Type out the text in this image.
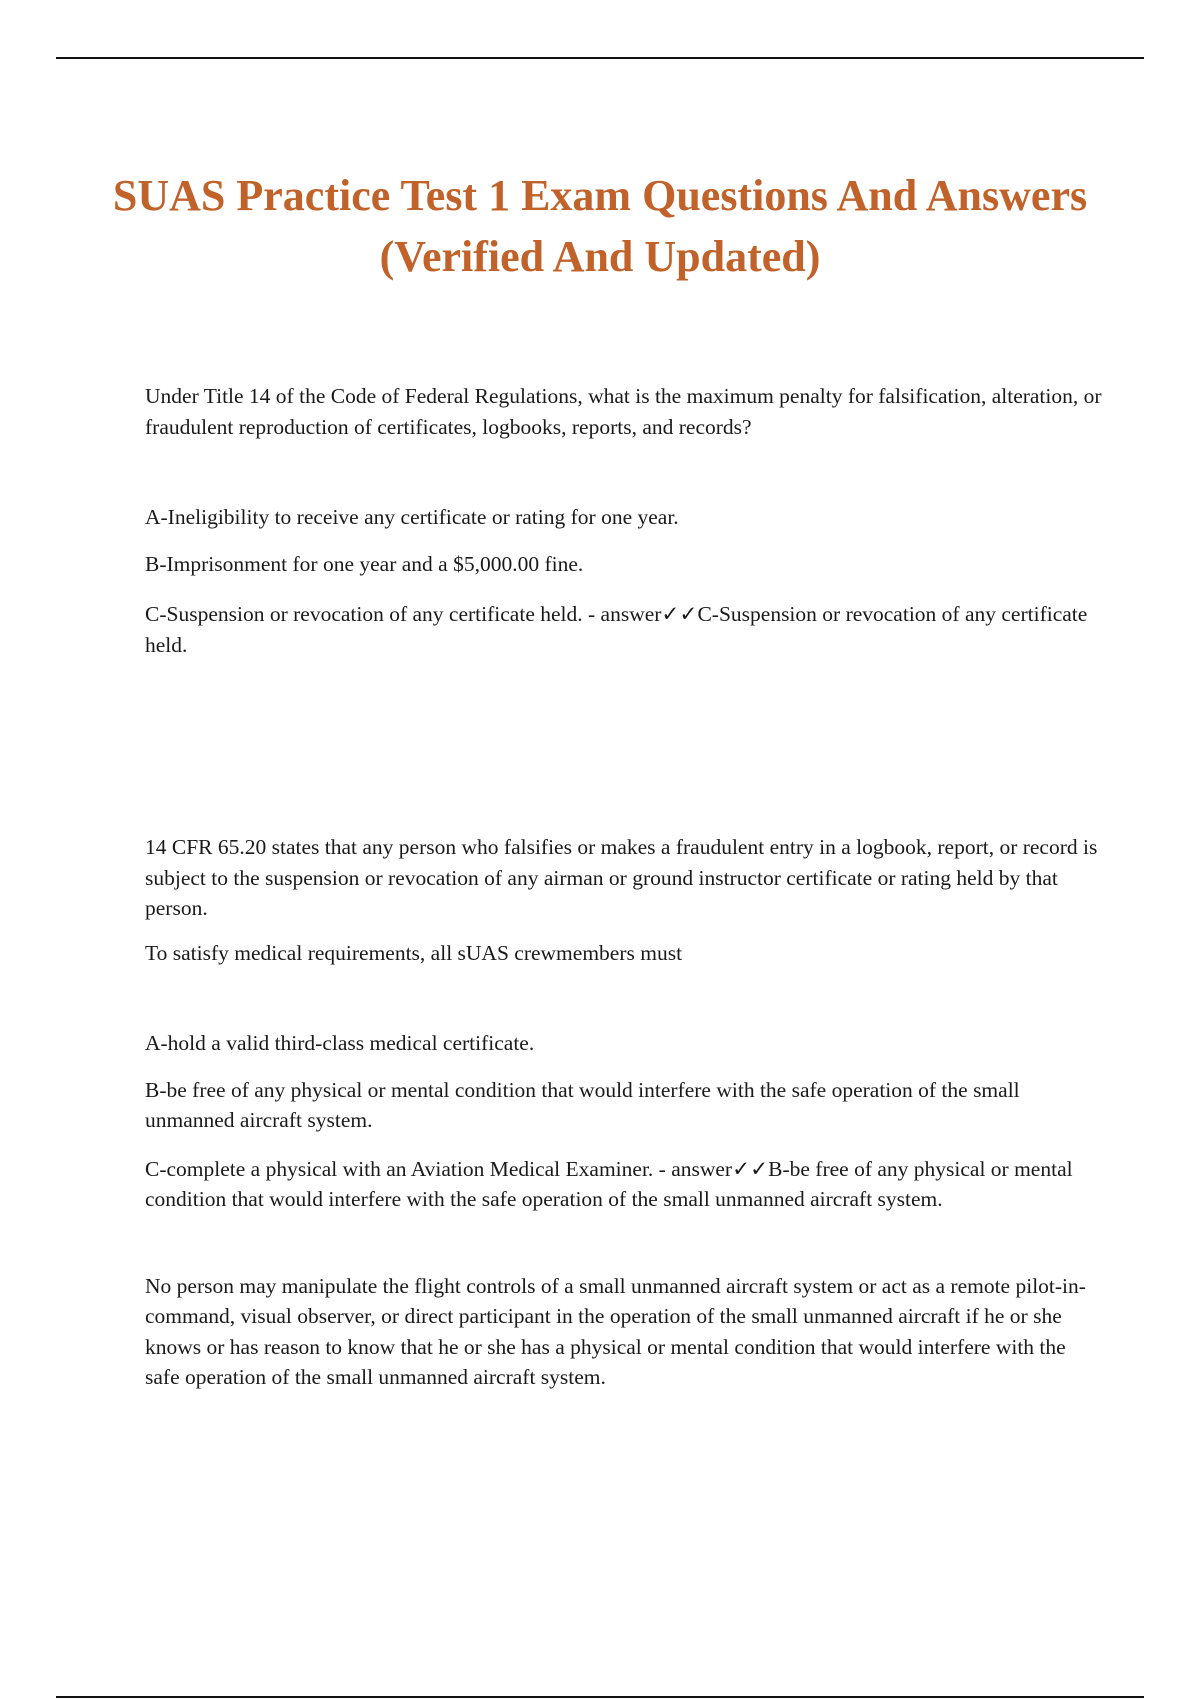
SUAS Practice Test 1 Exam Questions And Answers (Verified And Updated)

Under Title 14 of the Code of Federal Regulations, what is the maximum penalty for falsification, alteration, or fraudulent reproduction of certificates, logbooks, reports, and records?

A-Ineligibility to receive any certificate or rating for one year.

B-Imprisonment for one year and a $5,000.00 fine.

C-Suspension or revocation of any certificate held. - answer✓✓C-Suspension or revocation of any certificate held.

14 CFR 65.20 states that any person who falsifies or makes a fraudulent entry in a logbook, report, or record is subject to the suspension or revocation of any airman or ground instructor certificate or rating held by that person.

To satisfy medical requirements, all sUAS crewmembers must

A-hold a valid third-class medical certificate.

B-be free of any physical or mental condition that would interfere with the safe operation of the small unmanned aircraft system.

C-complete a physical with an Aviation Medical Examiner. - answer✓✓B-be free of any physical or mental condition that would interfere with the safe operation of the small unmanned aircraft system.

No person may manipulate the flight controls of a small unmanned aircraft system or act as a remote pilot-in-command, visual observer, or direct participant in the operation of the small unmanned aircraft if he or she knows or has reason to know that he or she has a physical or mental condition that would interfere with the safe operation of the small unmanned aircraft system.
